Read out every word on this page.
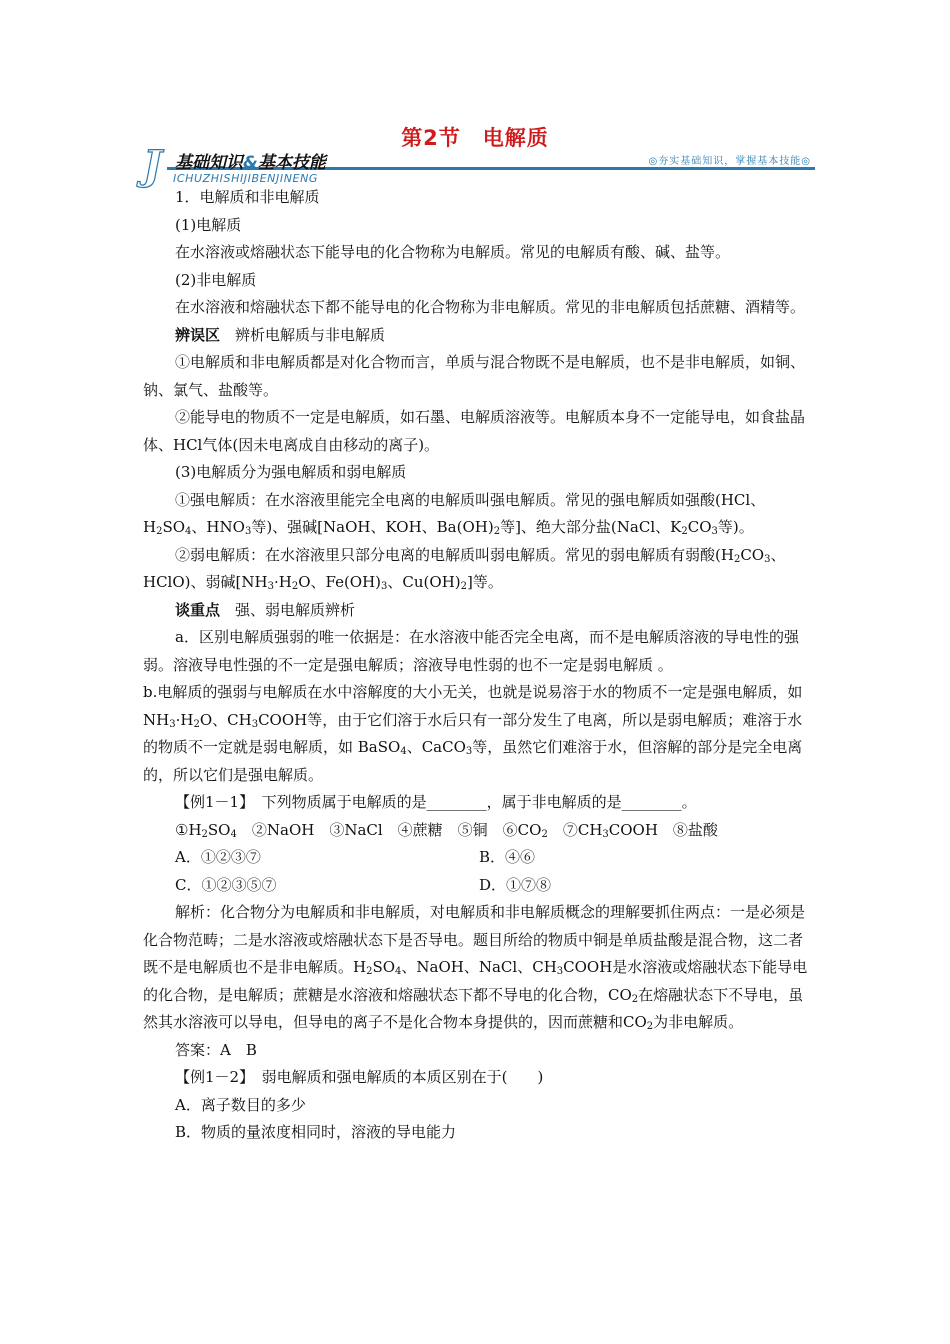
第2节　电解质
J 基础知识&基本技能
ICHUZHISHIJIBENJINENG
◎夯实基础知识，掌握基本技能◎

1．电解质和非电解质

(1)电解质

在水溶液或熔融状态下能导电的化合物称为电解质。常见的电解质有酸、碱、盐等。

(2)非电解质

在水溶液和熔融状态下都不能导电的化合物称为非电解质。常见的非电解质包括蔗糖、酒精等。

辨误区　 辨析电解质与非电解质

①电解质和非电解质都是对化合物而言，单质与混合物既不是电解质，也不是非电解质，如铜、钠、氯气、盐酸等。

②能导电的物质不一定是电解质，如石墨、电解质溶液等。电解质本身不一定能导电，如食盐晶体、HCl气体(因未电离成自由移动的离子)。

(3)电解质分为强电解质和弱电解质

①强电解质：在水溶液里能完全电离的电解质叫强电解质。常见的强电解质如强酸(HCl、$H_2SO_4$、$HNO_3$等)、强碱[NaOH、KOH、$Ba(OH)_2$等]、绝大部分盐(NaCl、$K_2CO_3$等)。

②弱电解质：在水溶液里只部分电离的电解质叫弱电解质。常见的弱电解质有弱酸($H_2CO_3$、HClO)、弱碱[$NH_3\cdot H_2O$、$Fe(OH)_3$、$Cu(OH)_2$]等。

谈重点　 强、弱电解质辨析

a．区别电解质强弱的唯一依据是：在水溶液中能否完全电离，而不是电解质溶液的导电性的强弱。溶液导电性强的不一定是强电解质；溶液导电性弱的也不一定是弱电解质 。

b.电解质的强弱与电解质在水中溶解度的大小无关，也就是说易溶于水的物质不一定是强电解质，如$NH_3\cdot H_2O$、$CH_3COOH$等，由于它们溶于水后只有一部分发生了电离，所以是弱电解质；难溶于水的物质不一定就是弱电解质，如 BaSO$_4$、CaCO$_3$等，虽然它们难溶于水，但溶解的部分是完全电离的，所以它们是强电解质。

【例1－1】　 下列物质属于电解质的是________，属于非电解质的是________。

$①H_2SO_4$　 ②NaOH　③NaCl　④蔗糖　⑤铜　$⑥CO_2$　 $⑦CH_3COOH$　⑧盐酸

A．①②③⑦	B．④⑥
C．①②③⑤⑦	D．①⑦⑧

解析：化合物分为电解质和非电解质，对电解质和非电解质概念的理解要抓住两点：一是必须是化合物范畴；二是水溶液或熔融状态下是否导电。题目所给的物质中铜是单质盐酸是混合物，这二者既不是电解质也不是非电解质。$H_2SO_4$、NaOH、NaCl、$CH_3COOH$是水溶液或熔融状态下能导电的化合物，是电解质；蔗糖是水溶液和熔融状态下都不导电的化合物，$CO_2$在熔融状态下不导电，虽然其水溶液可以导电，但导电的离子不是化合物本身提供的，因而蔗糖和$CO_2$为非电解质。

答案：A　B

【例1－2】　 弱电解质和强电解质的本质区别在于(　　)

A．离子数目的多少

B．物质的量浓度相同时，溶液的导电能力
